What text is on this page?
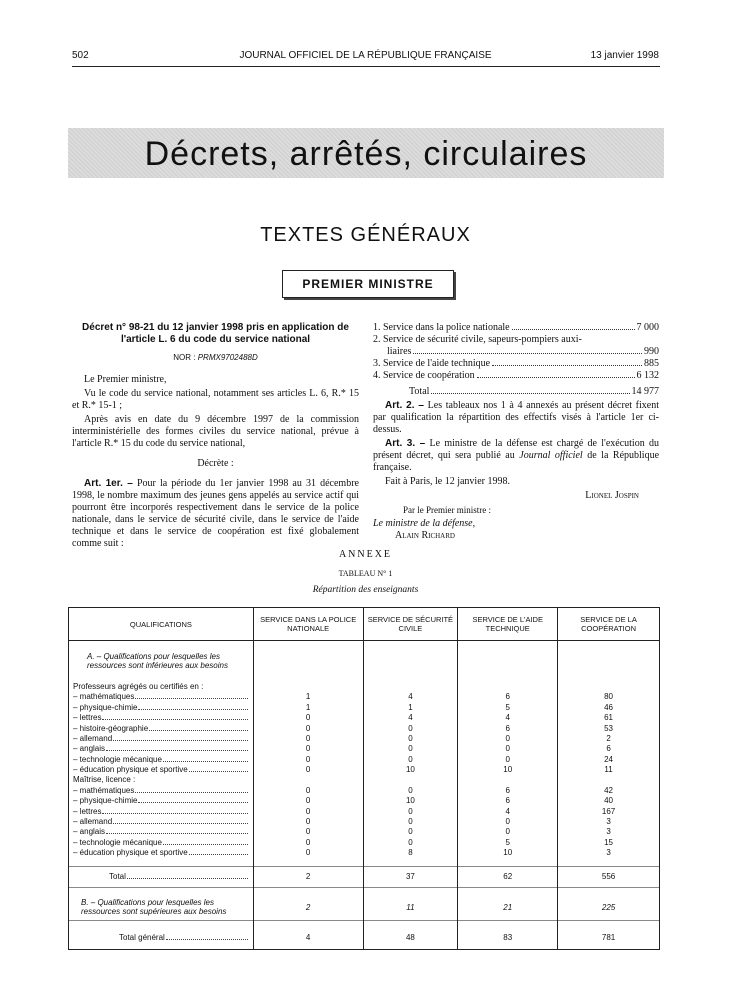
502	JOURNAL OFFICIEL DE LA RÉPUBLIQUE FRANÇAISE	13 janvier 1998
Décrets, arrêtés, circulaires
TEXTES GÉNÉRAUX
PREMIER MINISTRE

Décret n° 98-21 du 12 janvier 1998 pris en application de l'article L. 6 du code du service national

NOR : PRMX9702488D

Le Premier ministre,

Vu le code du service national, notamment ses articles L. 6, R.* 15 et R.* 15-1 ;

Après avis en date du 9 décembre 1997 de la commission interministérielle des formes civiles du service national, prévue à l'article R.* 15 du code du service national,

Décrète :

Art. 1er. – Pour la période du 1er janvier 1998 au 31 décembre 1998, le nombre maximum des jeunes gens appelés au service actif qui pourront être incorporés respectivement dans le service de la police nationale, dans le service de sécurité civile, dans le service de l'aide technique et dans le service de coopération est fixé globalement comme suit :

1. Service dans la police nationale	7 000
2. Service de sécurité civile, sapeurs-pompiers auxi-
liaires	990
3. Service de l'aide technique	885
4. Service de coopération	6 132
Total	14 977

Art. 2. – Les tableaux nos 1 à 4 annexés au présent décret fixent par qualification la répartition des effectifs visés à l'article 1er ci-dessus.

Art. 3. – Le ministre de la défense est chargé de l'exécution du présent décret, qui sera publié au Journal officiel de la République française.

Fait à Paris, le 12 janvier 1998.

Lionel Jospin

Par le Premier ministre :

Le ministre de la défense,

Alain Richard

ANNEXE
TABLEAU N° 1
Répartition des enseignants
QUALIFICATIONS	SERVICE DANS LA POLICE NATIONALE	SERVICE DE SÉCURITÉ CIVILE	SERVICE DE L'AIDE TECHNIQUE	SERVICE DE LA COOPÉRATION

A. – Qualifications pour lesquelles les ressources sont inférieures aux besoins				

Professeurs agrégés ou certifiés en :				

– mathématiques	1	4	6	80

– physique-chimie	1	1	5	46

– lettres	0	4	4	61

– histoire-géographie	0	0	6	53

– allemand	0	0	0	2

– anglais	0	0	0	6

– technologie mécanique	0	0	0	24

– éducation physique et sportive	0	10	10	11
Maîtrise, licence :				

– mathématiques	0	0	6	42

– physique-chimie	0	10	6	40

– lettres	0	0	4	167

– allemand	0	0	0	3

– anglais	0	0	0	3

– technologie mécanique	0	0	5	15

– éducation physique et sportive	0	8	10	3

Total	2	37	62	556

B. – Qualifications pour lesquelles les ressources sont supérieures aux besoins	2	11	21	225

Total général	4	48	83	781
